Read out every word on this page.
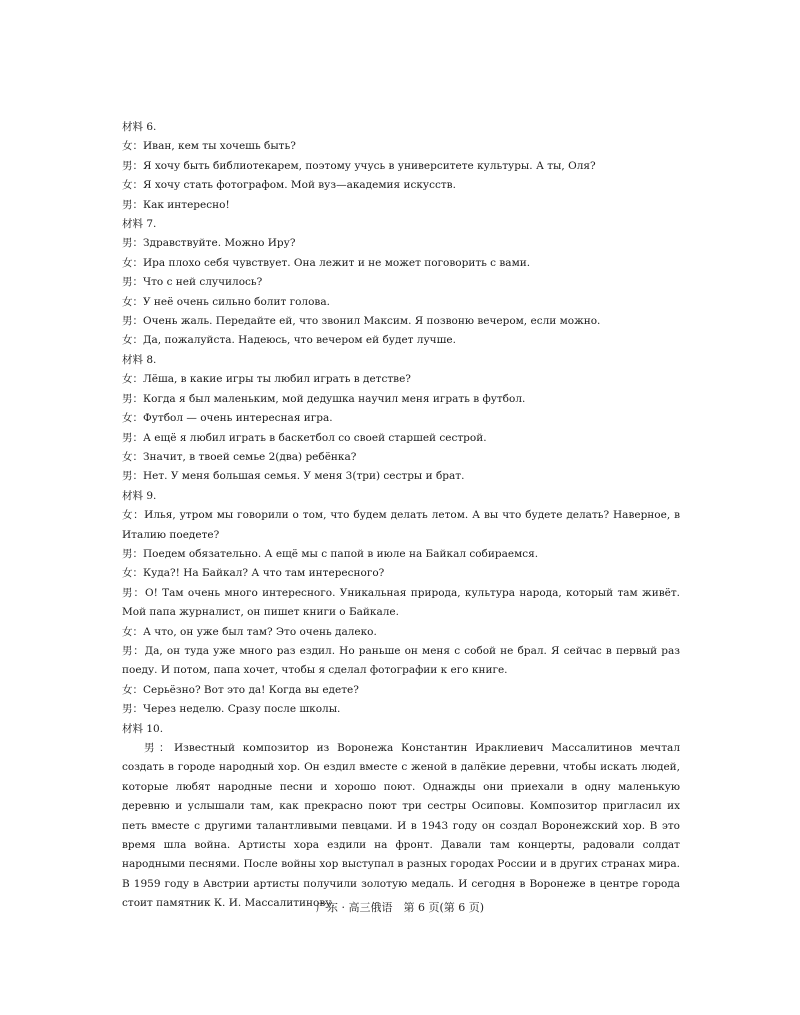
材料 6.
女：Иван, кем ты хочешь быть?
男：Я хочу быть библиотекарем, поэтому учусь в университете культуры. А ты, Оля?
女：Я хочу стать фотографом. Мой вуз—академия искусств.
男：Как интересно!
材料 7.
男：Здравствуйте. Можно Иру?
女：Ира плохо себя чувствует. Она лежит и не может поговорить с вами.
男：Что с ней случилось?
女：У неё очень сильно болит голова.
男：Очень жаль. Передайте ей, что звонил Максим. Я позвоню вечером, если можно.
女：Да, пожалуйста. Надеюсь, что вечером ей будет лучше.
材料 8.
女：Лёша, в какие игры ты любил играть в детстве?
男：Когда я был маленьким, мой дедушка научил меня играть в футбол.
女：Футбол — очень интересная игра.
男：А ещё я любил играть в баскетбол со своей старшей сестрой.
女：Значит, в твоей семье 2(два) ребёнка?
男：Нет. У меня большая семья. У меня 3(три) сестры и брат.
材料 9.
女：Илья, утром мы говорили о том, что будем делать летом. А вы что будете делать? Наверное, в Италию поедете?
男：Поедем обязательно. А ещё мы с папой в июле на Байкал собираемся.
女：Куда?! На Байкал? А что там интересного?
男：О! Там очень много интересного. Уникальная природа, культура народа, который там живёт. Мой папа журналист, он пишет книги о Байкале.
女：А что, он уже был там? Это очень далеко.
男：Да, он туда уже много раз ездил. Но раньше он меня с собой не брал. Я сейчас в первый раз поеду. И потом, папа хочет, чтобы я сделал фотографии к его книге.
女：Серьёзно? Вот это да! Когда вы едете?
男：Через неделю. Сразу после школы.
材料 10.
男：Известный композитор из Воронежа Константин Ираклиевич Массалитинов мечтал создать в городе народный хор. Он ездил вместе с женой в далёкие деревни, чтобы искать людей, которые любят народные песни и хорошо поют. Однажды они приехали в одну маленькую деревню и услышали там, как прекрасно поют три сестры Осиповы. Композитор пригласил их петь вместе с другими талантливыми певцами. И в 1943 году он создал Воронежский хор. В это время шла война. Артисты хора ездили на фронт. Давали там концерты, радовали солдат народными песнями. После войны хор выступал в разных городах России и в других странах мира. В 1959 году в Австрии артисты получили золотую медаль. И сегодня в Воронеже в центре города стоит памятник К. И. Массалитинову.
广东 · 高三俄语　第 6 页(第 6 页)
